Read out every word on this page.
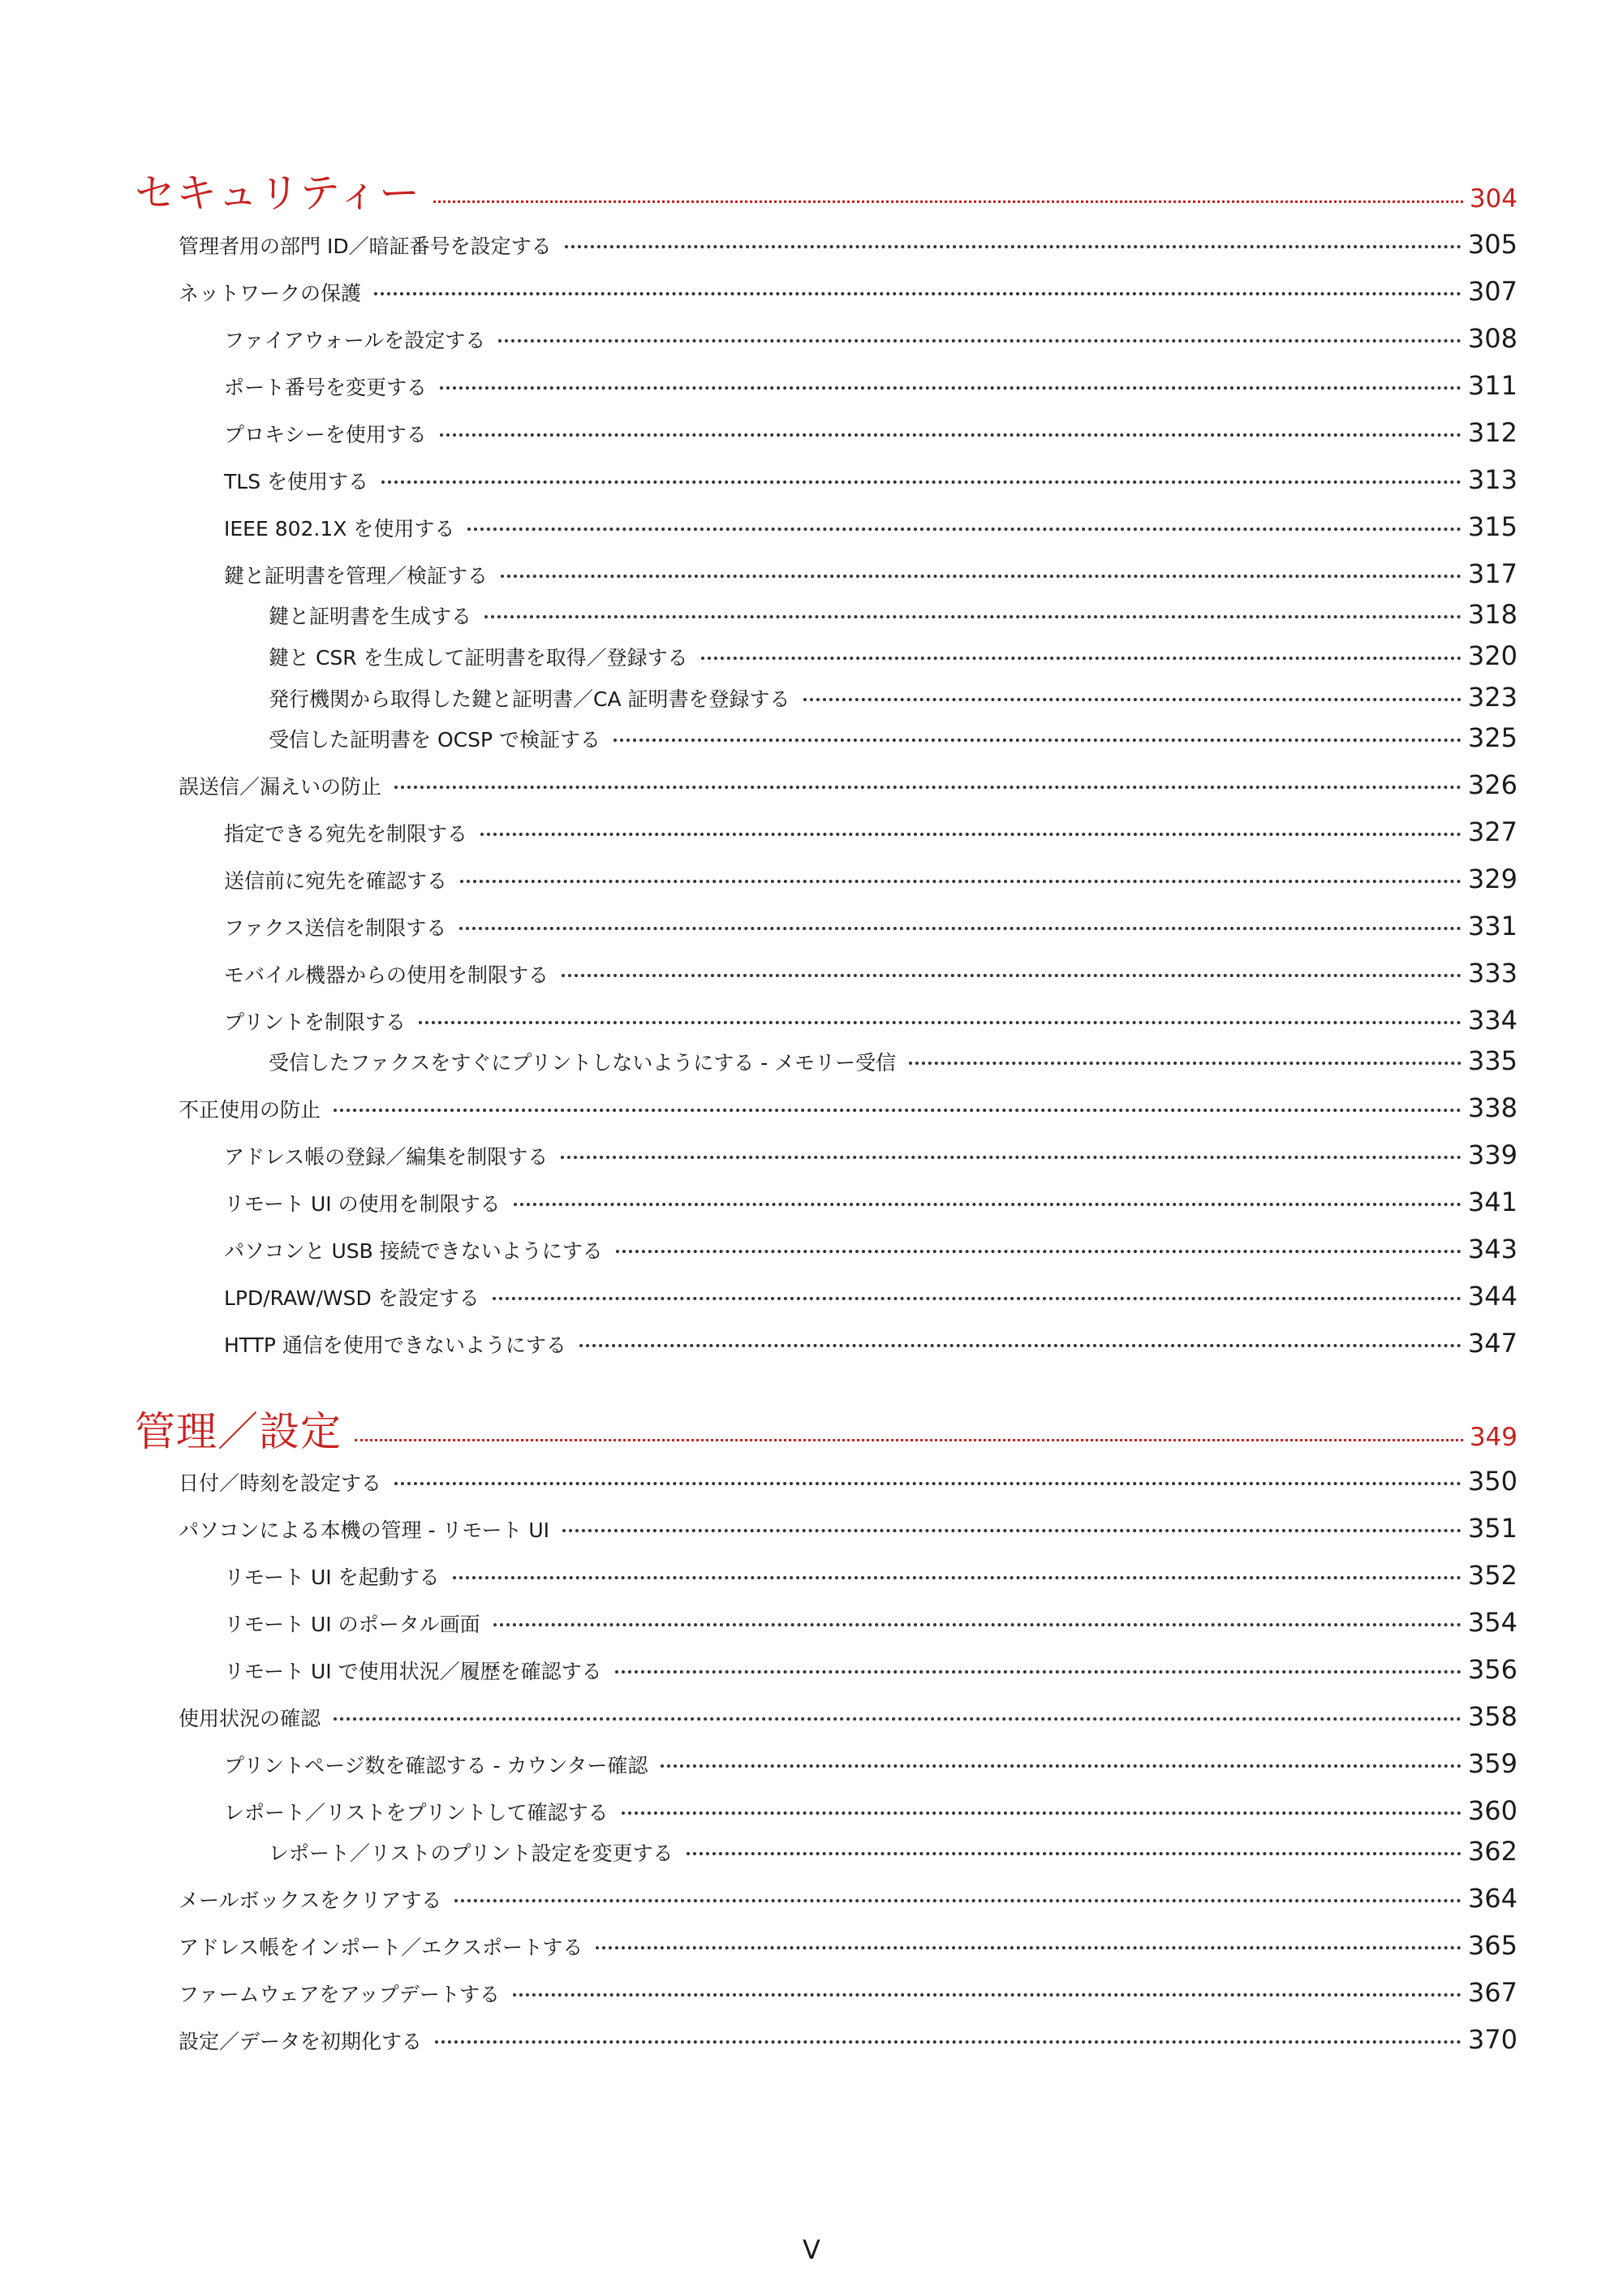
セキュリティー	304
管理者用の部門 ID／暗証番号を設定する	305
ネットワークの保護	307
ファイアウォールを設定する	308
ポート番号を変更する	311
プロキシーを使用する	312
TLS を使用する	313
IEEE 802.1X を使用する	315
鍵と証明書を管理／検証する	317
鍵と証明書を生成する	318
鍵と CSR を生成して証明書を取得／登録する	320
発行機関から取得した鍵と証明書／CA 証明書を登録する	323
受信した証明書を OCSP で検証する	325
誤送信／漏えいの防止	326
指定できる宛先を制限する	327
送信前に宛先を確認する	329
ファクス送信を制限する	331
モバイル機器からの使用を制限する	333
プリントを制限する	334
受信したファクスをすぐにプリントしないようにする - メモリー受信	335
不正使用の防止	338
アドレス帳の登録／編集を制限する	339
リモート UI の使用を制限する	341
パソコンと USB 接続できないようにする	343
LPD/RAW/WSD を設定する	344
HTTP 通信を使用できないようにする	347
管理／設定	349
日付／時刻を設定する	350
パソコンによる本機の管理 - リモート UI	351
リモート UI を起動する	352
リモート UI のポータル画面	354
リモート UI で使用状況／履歴を確認する	356
使用状況の確認	358
プリントページ数を確認する - カウンター確認	359
レポート／リストをプリントして確認する	360
レポート／リストのプリント設定を変更する	362
メールボックスをクリアする	364
アドレス帳をインポート／エクスポートする	365
ファームウェアをアップデートする	367
設定／データを初期化する	370
V
